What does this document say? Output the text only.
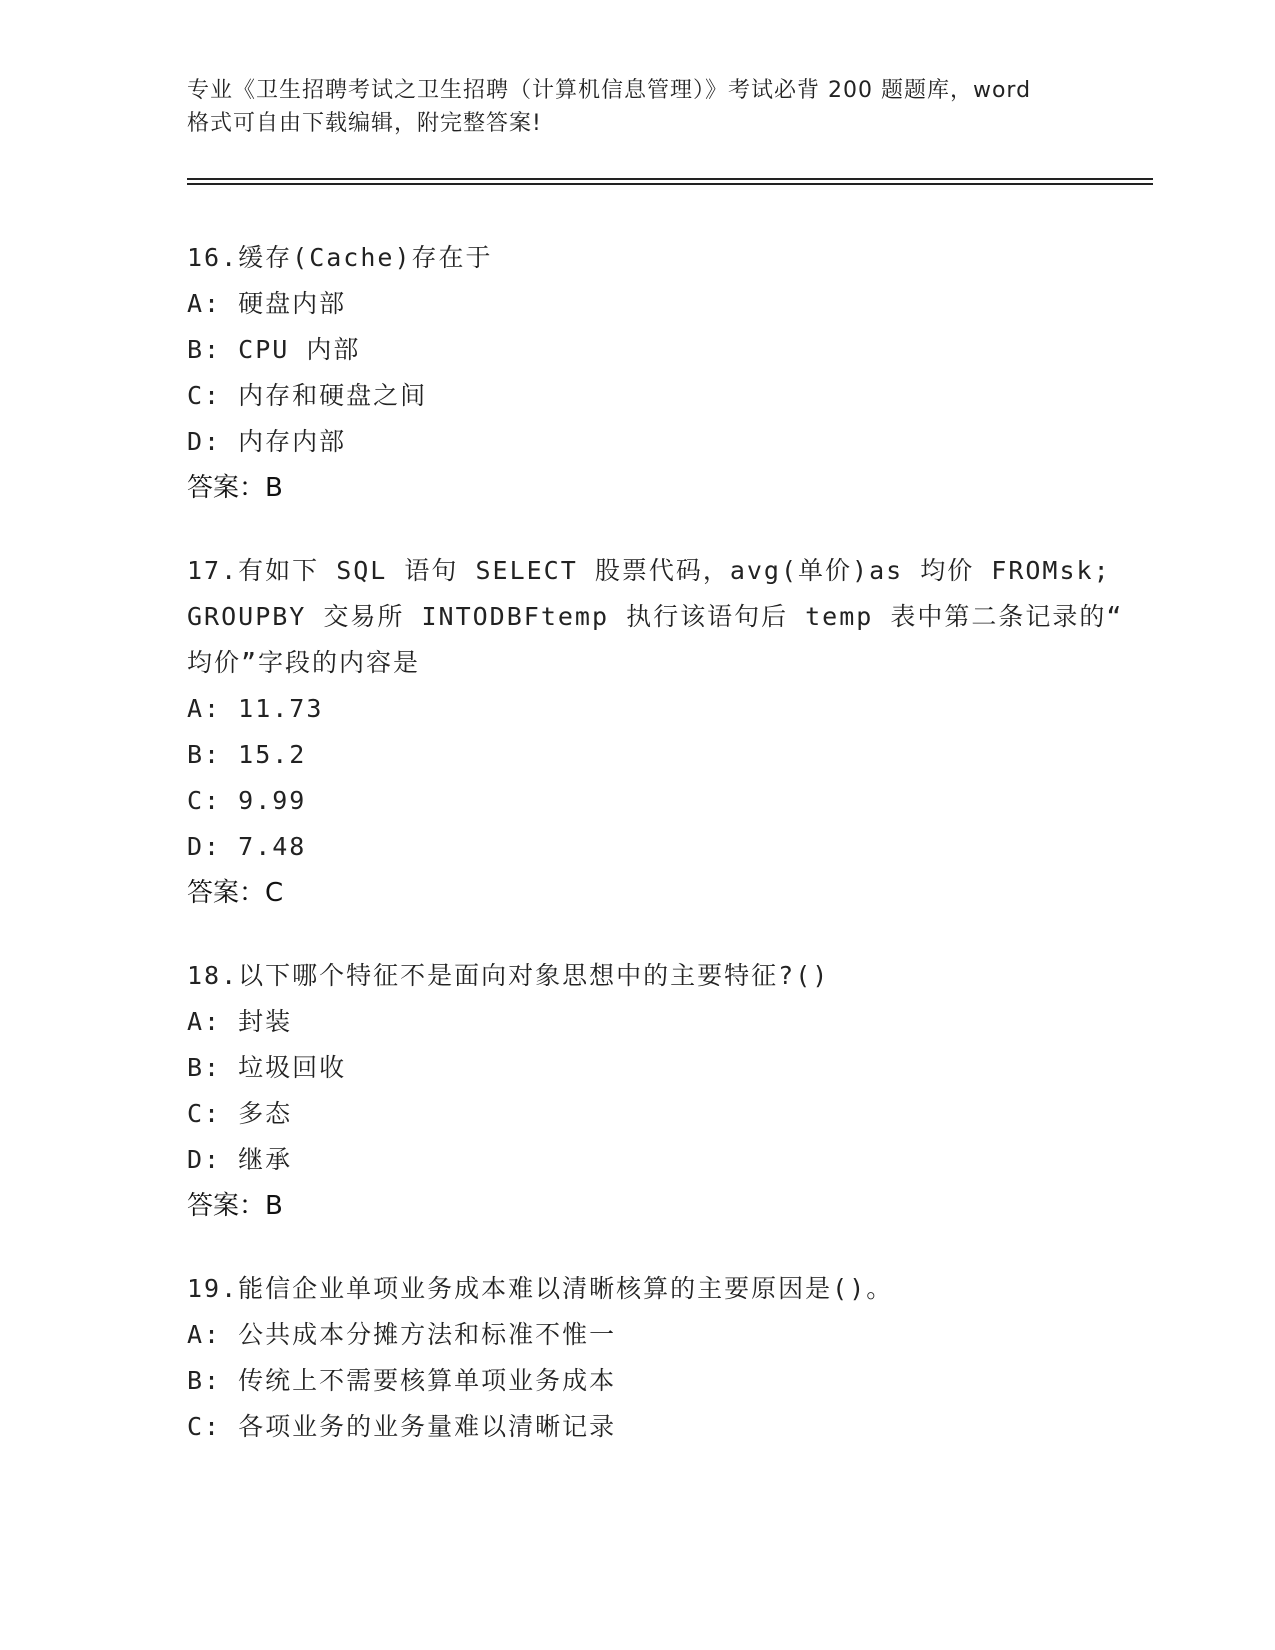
专业《卫生招聘考试之卫生招聘（计算机信息管理）》考试必背 200 题题库，word
格式可自由下载编辑，附完整答案!
16.缓存(Cache)存在于
A: 硬盘内部
B: CPU 内部
C: 内存和硬盘之间
D: 内存内部
答案：B
17.有如下 SQL 语句 SELECT 股票代码，avg(单价)as 均价 FROMsk;
GROUPBY 交易所 INTODBFtemp 执行该语句后 temp 表中第二条记录的“
均价”字段的内容是
A: 11.73
B: 15.2
C: 9.99
D: 7.48
答案：C
18.以下哪个特征不是面向对象思想中的主要特征?()
A: 封装
B: 垃圾回收
C: 多态
D: 继承
答案：B
19.能信企业单项业务成本难以清晰核算的主要原因是()。
A: 公共成本分摊方法和标准不惟一
B: 传统上不需要核算单项业务成本
C: 各项业务的业务量难以清晰记录
